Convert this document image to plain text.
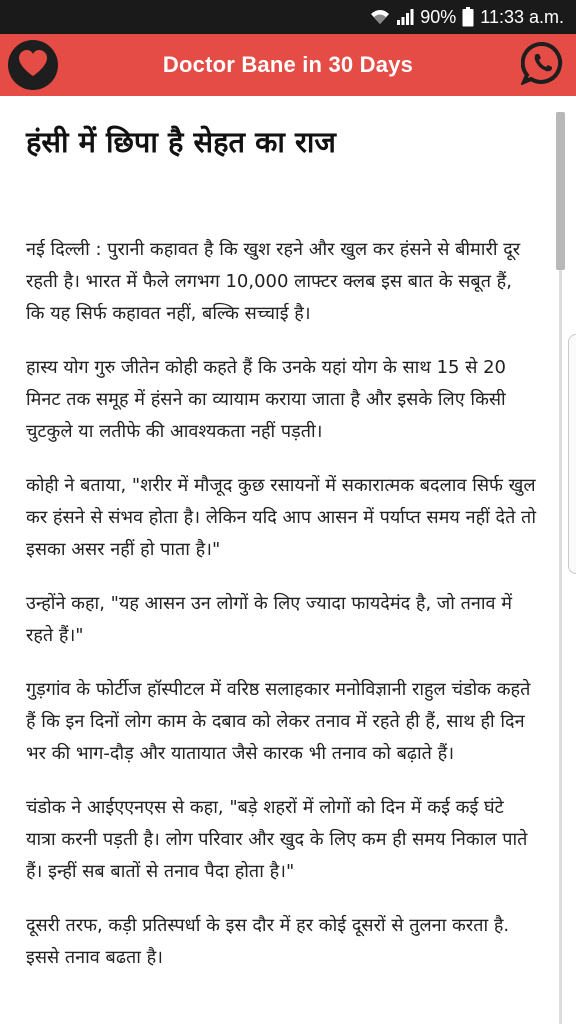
90% 11:33 a.m.
Doctor Bane in 30 Days
हंसी में छिपा है सेहत का राज

नई दिल्ली : पुरानी कहावत है कि खुश रहने और खुल कर हंसने से बीमारी दूर रहती है। भारत में फैले लगभग 10,000 लाफ्टर क्लब इस बात के सबूत हैं, कि यह सिर्फ कहावत नहीं, बल्कि सच्चाई है।

हास्य योग गुरु जीतेन कोही कहते हैं कि उनके यहां योग के साथ 15 से 20 मिनट तक समूह में हंसने का व्यायाम कराया जाता है और इसके लिए किसी चुटकुले या लतीफे की आवश्यकता नहीं पड़ती।

कोही ने बताया, "शरीर में मौजूद कुछ रसायनों में सकारात्मक बदलाव सिर्फ खुल कर हंसने से संभव होता है। लेकिन यदि आप आसन में पर्याप्त समय नहीं देते तो इसका असर नहीं हो पाता है।"

उन्होंने कहा, "यह आसन उन लोगों के लिए ज्यादा फायदेमंद है, जो तनाव में रहते हैं।"

गुड़गांव के फोर्टीज हॉस्पीटल में वरिष्ठ सलाहकार मनोविज्ञानी राहुल चंडोक कहते हैं कि इन दिनों लोग काम के दबाव को लेकर तनाव में रहते ही हैं, साथ ही दिन भर की भाग-दौड़ और यातायात जैसे कारक भी तनाव को बढ़ाते हैं।

चंडोक ने आईएएनएस से कहा, "बड़े शहरों में लोगों को दिन में कई कई घंटे यात्रा करनी पड़ती है। लोग परिवार और खुद के लिए कम ही समय निकाल पाते हैं। इन्हीं सब बातों से तनाव पैदा होता है।"

दूसरी तरफ, कड़ी प्रतिस्पर्धा के इस दौर में हर कोई दूसरों से तुलना करता है. इससे तनाव बढता है।
